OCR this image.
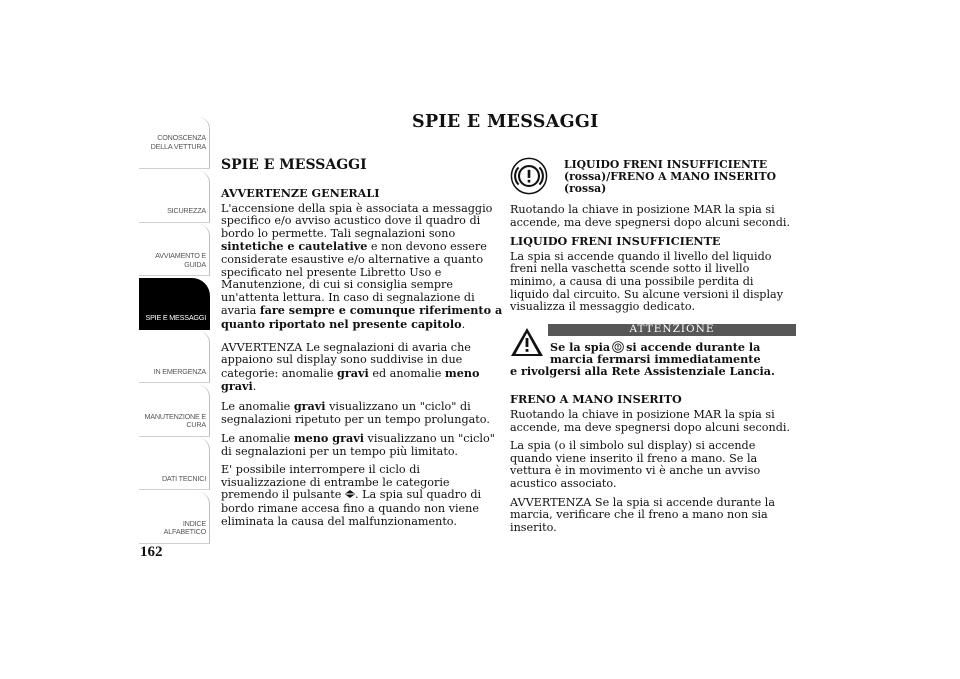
CONOSCENZA
DELLA VETTURA
SICUREZZA
AVVIAMENTO E
GUIDA
SPIE E MESSAGGI
IN EMERGENZA
MANUTENZIONE E
CURA
DATI TECNICI
INDICE
ALFABETICO
162
SPIE E MESSAGGI
SPIE E MESSAGGI
AVVERTENZE GENERALI

L'accensione della spia è associata a messaggio specifico e/o avviso acustico dove il quadro di bordo lo permette. Tali segnalazioni sono sintetiche e cautelative e non devono essere considerate esaustive e/o alternative a quanto specificato nel presente Libretto Uso e Manutenzione, di cui si consiglia sempre un'attenta lettura. In caso di segnalazione di avaria fare sempre e comunque riferimento a quanto riportato nel presente capitolo.

AVVERTENZA Le segnalazioni di avaria che appaiono sul display sono suddivise in due categorie: anomalie gravi ed anomalie meno gravi.

Le anomalie gravi visualizzano un "ciclo" di segnalazioni ripetuto per un tempo prolungato.

Le anomalie meno gravi visualizzano un "ciclo" di segnalazioni per un tempo più limitato.

E' possibile interrompere il ciclo di visualizzazione di entrambe le categorie premendo il pulsante . La spia sul quadro di bordo rimane accesa fino a quando non viene eliminata la causa del malfunzionamento.

LIQUIDO FRENI INSUFFICIENTE (rossa)/FRENO A MANO INSERITO (rossa)

Ruotando la chiave in posizione MAR la spia si accende, ma deve spegnersi dopo alcuni secondi.

LIQUIDO FRENI INSUFFICIENTE

La spia si accende quando il livello del liquido freni nella vaschetta scende sotto il livello minimo, a causa di una possibile perdita di liquido dal circuito. Su alcune versioni il display visualizza il messaggio dedicato.

ATTENZIONE
Se la spia si accende durante la
marcia fermarsi immediatamente
e rivolgersi alla Rete Assistenziale Lancia.
FRENO A MANO INSERITO

Ruotando la chiave in posizione MAR la spia si accende, ma deve spegnersi dopo alcuni secondi.

La spia (o il simbolo sul display) si accende quando viene inserito il freno a mano. Se la vettura è in movimento vi è anche un avviso acustico associato.

AVVERTENZA Se la spia si accende durante la marcia, verificare che il freno a mano non sia inserito.
